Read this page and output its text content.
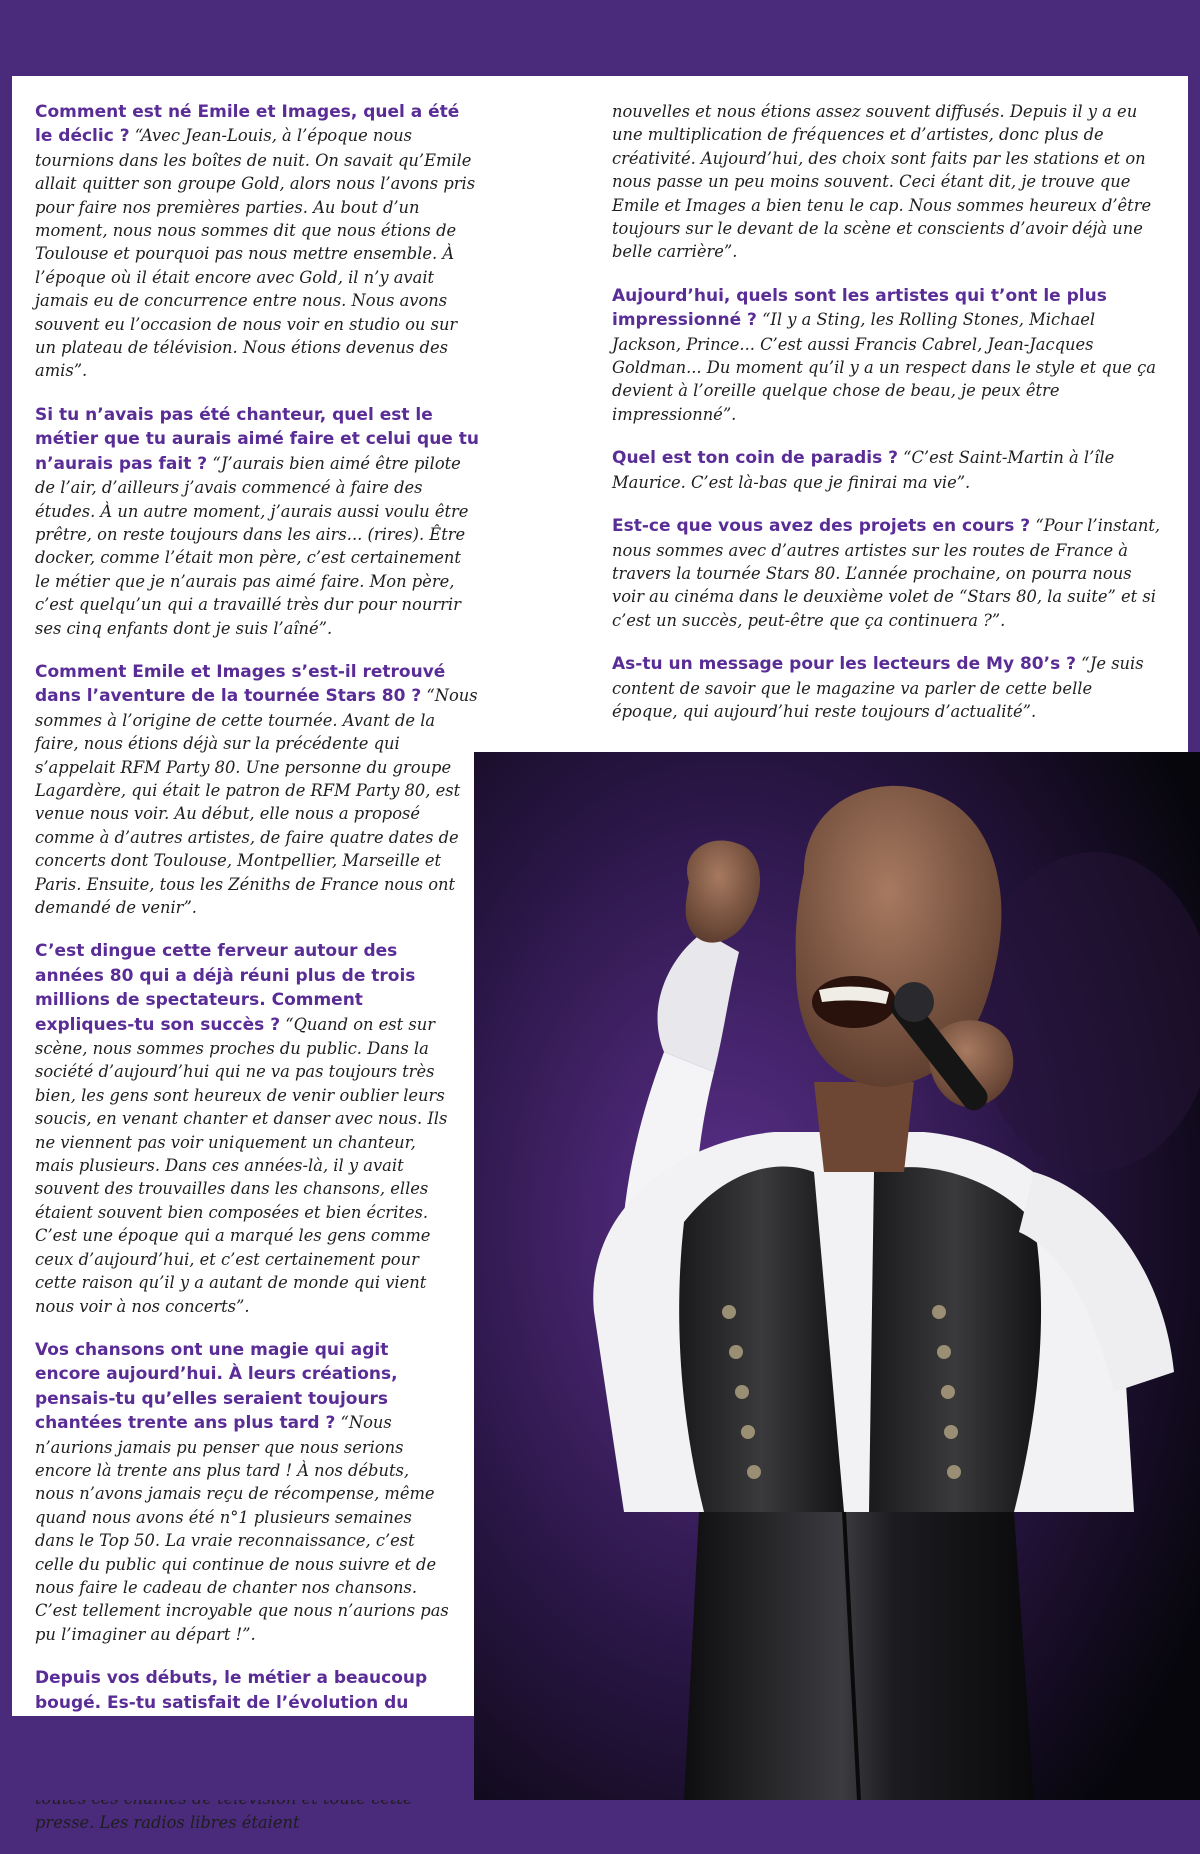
Comment est né Emile et Images, quel a été le déclic ? “Avec Jean-Louis, à l’époque nous tournions dans les boîtes de nuit. On savait qu’Emile allait quitter son groupe Gold, alors nous l’avons pris pour faire nos premières parties. Au bout d’un moment, nous nous sommes dit que nous étions de Toulouse et pourquoi pas nous mettre ensemble. À l’époque où il était encore avec Gold, il n’y avait jamais eu de concurrence entre nous. Nous avons souvent eu l’occasion de nous voir en studio ou sur un plateau de télévision. Nous étions devenus des amis”.

Si tu n’avais pas été chanteur, quel est le métier que tu aurais aimé faire et celui que tu n’aurais pas fait ? “J’aurais bien aimé être pilote de l’air, d’ailleurs j’avais commencé à faire des études. À un autre moment, j’aurais aussi voulu être prêtre, on reste toujours dans les airs... (rires). Être docker, comme l’était mon père, c’est certainement le métier que je n’aurais pas aimé faire. Mon père, c’est quelqu’un qui a travaillé très dur pour nourrir ses cinq enfants dont je suis l’aîné”.

Comment Emile et Images s’est-il retrouvé dans l’aventure de la tournée Stars 80 ? “Nous sommes à l’origine de cette tournée. Avant de la faire, nous étions déjà sur la précédente qui s’appelait RFM Party 80. Une personne du groupe Lagardère, qui était le patron de RFM Party 80, est venue nous voir. Au début, elle nous a proposé comme à d’autres artistes, de faire quatre dates de concerts dont Toulouse, Montpellier, Marseille et Paris. Ensuite, tous les Zéniths de France nous ont demandé de venir”.

C’est dingue cette ferveur autour des années 80 qui a déjà réuni plus de trois millions de spectateurs. Comment expliques-tu son succès ? “Quand on est sur scène, nous sommes proches du public. Dans la société d’aujourd’hui qui ne va pas toujours très bien, les gens sont heureux de venir oublier leurs soucis, en venant chanter et danser avec nous. Ils ne viennent pas voir uniquement un chanteur, mais plusieurs. Dans ces années-là, il y avait souvent des trouvailles dans les chansons, elles étaient souvent bien composées et bien écrites. C’est une époque qui a marqué les gens comme ceux d’aujourd’hui, et c’est certainement pour cette raison qu’il y a autant de monde qui vient nous voir à nos concerts”.

Vos chansons ont une magie qui agit encore aujourd’hui. À leurs créations, pensais-tu qu’elles seraient toujours chantées trente ans plus tard ? “Nous n’aurions jamais pu penser que nous serions encore là trente ans plus tard ! À nos débuts, nous n’avons jamais reçu de récompense, même quand nous avons été n°1 plusieurs semaines dans le Top 50. La vraie reconnaissance, c’est celle du public qui continue de nous suivre et de nous faire le cadeau de chanter nos chansons. C’est tellement incroyable que nous n’aurions pas pu l’imaginer au départ !”.

Depuis vos débuts, le métier a beaucoup bougé. Es-tu satisfait de l’évolution du presse. Les radios libres étaient

nouvelles et nous étions assez souvent diffusés. Depuis il y a eu une multiplication de fréquences et d’artistes, donc plus de créativité. Aujourd’hui, des choix sont faits par les stations et on nous passe un peu moins souvent. Ceci étant dit, je trouve que Emile et Images a bien tenu le cap. Nous sommes heureux d’être toujours sur le devant de la scène et conscients d’avoir déjà une belle carrière”.

Aujourd’hui, quels sont les artistes qui t’ont le plus impressionné ? “Il y a Sting, les Rolling Stones, Michael Jackson, Prince... C’est aussi Francis Cabrel, Jean-Jacques Goldman... Du moment qu’il y a un respect dans le style et que ça devient à l’oreille quelque chose de beau, je peux être impressionné”.

Quel est ton coin de paradis ? “C’est Saint-Martin à l’île Maurice. C’est là-bas que je finirai ma vie”.

Est-ce que vous avez des projets en cours ? “Pour l’instant, nous sommes avec d’autres artistes sur les routes de France à travers la tournée Stars 80. L’année prochaine, on pourra nous voir au cinéma dans le deuxième volet de “Stars 80, la suite” et si c’est un succès, peut-être que ça continuera ?”.

As-tu un message pour les lecteurs de My 80’s ? “Je suis content de savoir que le magazine va parler de cette belle époque, qui aujourd’hui reste toujours d’actualité”.
